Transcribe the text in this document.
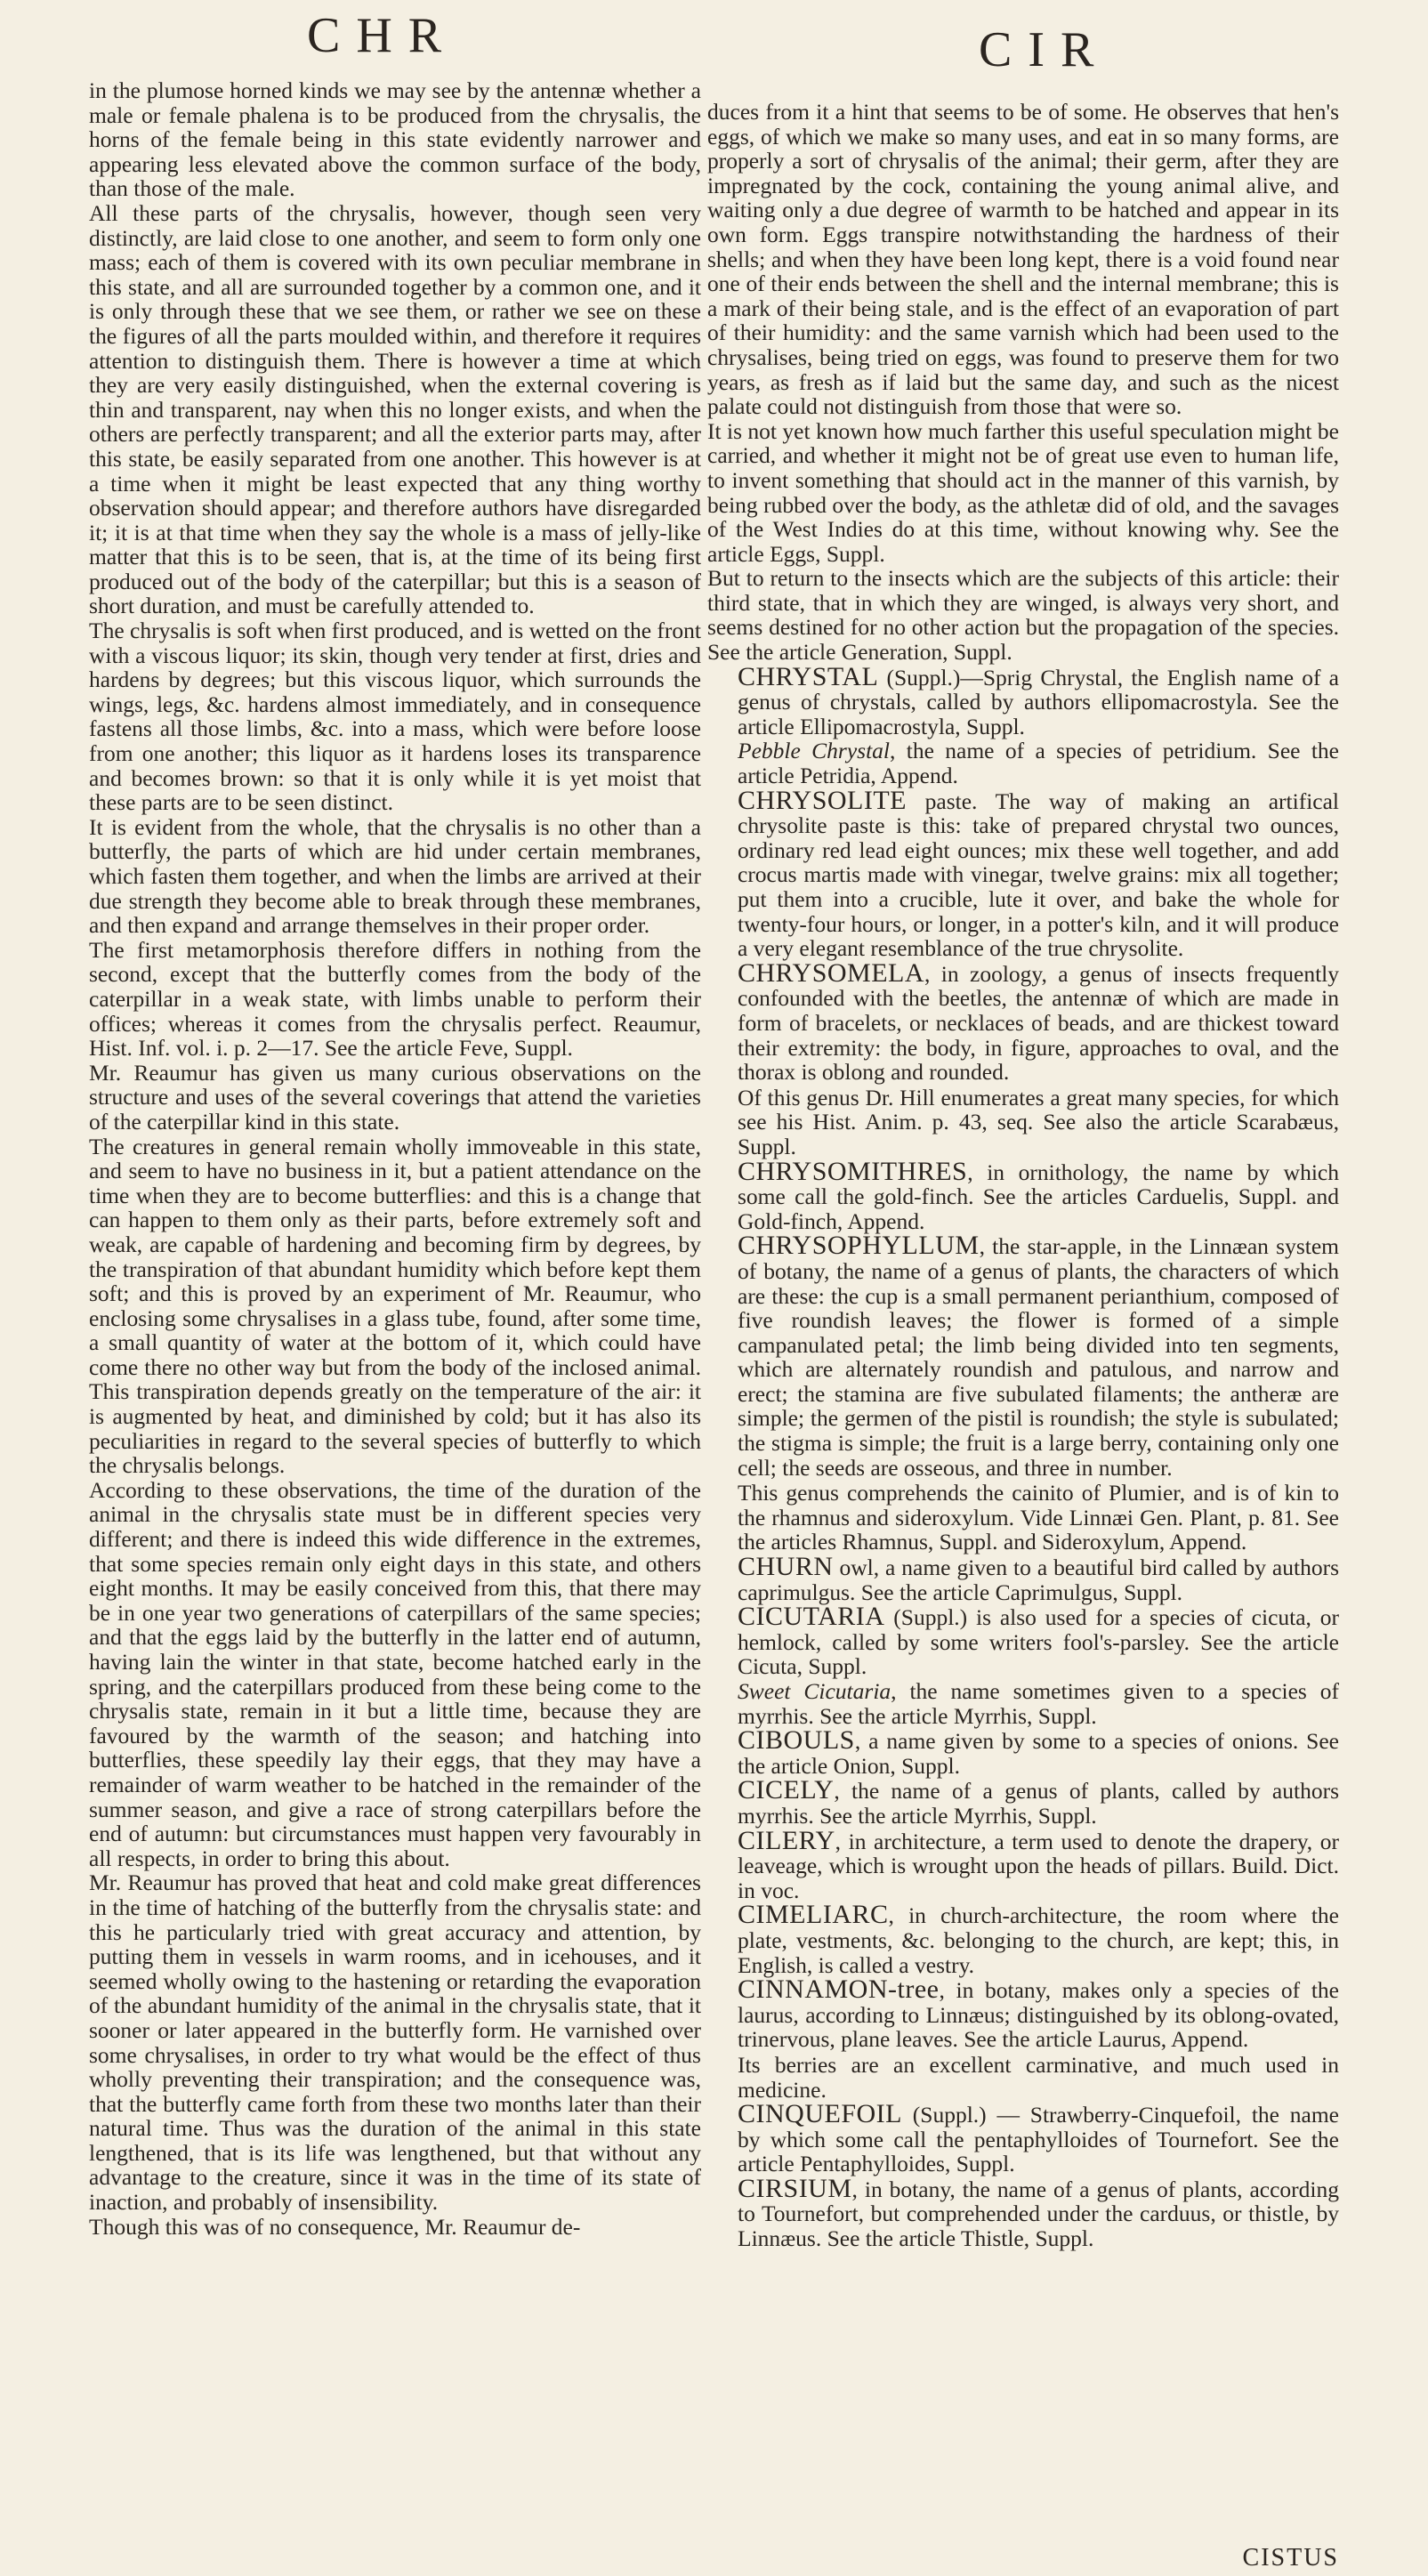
CHR	CIR

in the plumose horned kinds we may see by the antennæ whether a male or female phalena is to be produced from the chrysalis, the horns of the female being in this state evidently narrower and appearing less elevated above the common surface of the body, than those of the male.

All these parts of the chrysalis, however, though seen very distinctly, are laid close to one another, and seem to form only one mass; each of them is covered with its own peculiar membrane in this state, and all are surrounded together by a common one, and it is only through these that we see them, or rather we see on these the figures of all the parts moulded within, and therefore it requires attention to distinguish them. There is however a time at which they are very easily distinguished, when the external covering is thin and transparent, nay when this no longer exists, and when the others are perfectly transparent; and all the exterior parts may, after this state, be easily separated from one another. This however is at a time when it might be least expected that any thing worthy observation should appear; and therefore authors have disregarded it; it is at that time when they say the whole is a mass of jelly-like matter that this is to be seen, that is, at the time of its being first produced out of the body of the caterpillar; but this is a season of short duration, and must be carefully attended to.

The chrysalis is soft when first produced, and is wetted on the front with a viscous liquor; its skin, though very tender at first, dries and hardens by degrees; but this viscous liquor, which surrounds the wings, legs, &c. hardens almost immediately, and in consequence fastens all those limbs, &c. into a mass, which were before loose from one another; this liquor as it hardens loses its transparence and becomes brown: so that it is only while it is yet moist that these parts are to be seen distinct.

It is evident from the whole, that the chrysalis is no other than a butterfly, the parts of which are hid under certain membranes, which fasten them together, and when the limbs are arrived at their due strength they become able to break through these membranes, and then expand and arrange themselves in their proper order.

The first metamorphosis therefore differs in nothing from the second, except that the butterfly comes from the body of the caterpillar in a weak state, with limbs unable to perform their offices; whereas it comes from the chrysalis perfect. Reaumur, Hist. Inf. vol. i. p. 2—17. See the article Feve, Suppl.

Mr. Reaumur has given us many curious observations on the structure and uses of the several coverings that attend the varieties of the caterpillar kind in this state.

The creatures in general remain wholly immoveable in this state, and seem to have no business in it, but a patient attendance on the time when they are to become butterflies: and this is a change that can happen to them only as their parts, before extremely soft and weak, are capable of hardening and becoming firm by degrees, by the transpiration of that abundant humidity which before kept them soft; and this is proved by an experiment of Mr. Reaumur, who enclosing some chrysalises in a glass tube, found, after some time, a small quantity of water at the bottom of it, which could have come there no other way but from the body of the inclosed animal. This transpiration depends greatly on the temperature of the air: it is augmented by heat, and diminished by cold; but it has also its peculiarities in regard to the several species of butterfly to which the chrysalis belongs.

According to these observations, the time of the duration of the animal in the chrysalis state must be in different species very different; and there is indeed this wide difference in the extremes, that some species remain only eight days in this state, and others eight months. It may be easily conceived from this, that there may be in one year two generations of caterpillars of the same species; and that the eggs laid by the butterfly in the latter end of autumn, having lain the winter in that state, become hatched early in the spring, and the caterpillars produced from these being come to the chrysalis state, remain in it but a little time, because they are favoured by the warmth of the season; and hatching into butterflies, these speedily lay their eggs, that they may have a remainder of warm weather to be hatched in the remainder of the summer season, and give a race of strong caterpillars before the end of autumn: but circumstances must happen very favourably in all respects, in order to bring this about.

Mr. Reaumur has proved that heat and cold make great differences in the time of hatching of the butterfly from the chrysalis state: and this he particularly tried with great accuracy and attention, by putting them in vessels in warm rooms, and in icehouses, and it seemed wholly owing to the hastening or retarding the evaporation of the abundant humidity of the animal in the chrysalis state, that it sooner or later appeared in the butterfly form. He varnished over some chrysalises, in order to try what would be the effect of thus wholly preventing their transpiration; and the consequence was, that the butterfly came forth from these two months later than their natural time. Thus was the duration of the animal in this state lengthened, that is its life was lengthened, but that without any advantage to the creature, since it was in the time of its state of inaction, and probably of insensibility.

Though this was of no consequence, Mr. Reaumur de-

duces from it a hint that seems to be of some. He observes that hen's eggs, of which we make so many uses, and eat in so many forms, are properly a sort of chrysalis of the animal; their germ, after they are impregnated by the cock, containing the young animal alive, and waiting only a due degree of warmth to be hatched and appear in its own form. Eggs transpire notwithstanding the hardness of their shells; and when they have been long kept, there is a void found near one of their ends between the shell and the internal membrane; this is a mark of their being stale, and is the effect of an evaporation of part of their humidity: and the same varnish which had been used to the chrysalises, being tried on eggs, was found to preserve them for two years, as fresh as if laid but the same day, and such as the nicest palate could not distinguish from those that were so.

It is not yet known how much farther this useful speculation might be carried, and whether it might not be of great use even to human life, to invent something that should act in the manner of this varnish, by being rubbed over the body, as the athletæ did of old, and the savages of the West Indies do at this time, without knowing why. See the article Eggs, Suppl.

But to return to the insects which are the subjects of this article: their third state, that in which they are winged, is always very short, and seems destined for no other action but the propagation of the species. See the article Generation, Suppl.

CHRYSTAL (Suppl.)—Sprig Chrystal, the English name of a genus of chrystals, called by authors ellipomacrostyla. See the article Ellipomacrostyla, Suppl.

Pebble Chrystal, the name of a species of petridium. See the article Petridia, Append.

CHRYSOLITE paste. The way of making an artifical chrysolite paste is this: take of prepared chrystal two ounces, ordinary red lead eight ounces; mix these well together, and add crocus martis made with vinegar, twelve grains: mix all together; put them into a crucible, lute it over, and bake the whole for twenty-four hours, or longer, in a potter's kiln, and it will produce a very elegant resemblance of the true chrysolite.

CHRYSOMELA, in zoology, a genus of insects frequently confounded with the beetles, the antennæ of which are made in form of bracelets, or necklaces of beads, and are thickest toward their extremity: the body, in figure, approaches to oval, and the thorax is oblong and rounded.

Of this genus Dr. Hill enumerates a great many species, for which see his Hist. Anim. p. 43, seq. See also the article Scarabæus, Suppl.

CHRYSOMITHRES, in ornithology, the name by which some call the gold-finch. See the articles Carduelis, Suppl. and Gold-finch, Append.

CHRYSOPHYLLUM, the star-apple, in the Linnæan system of botany, the name of a genus of plants, the characters of which are these: the cup is a small permanent perianthium, composed of five roundish leaves; the flower is formed of a simple campanulated petal; the limb being divided into ten segments, which are alternately roundish and patulous, and narrow and erect; the stamina are five subulated filaments; the antheræ are simple; the germen of the pistil is roundish; the style is subulated; the stigma is simple; the fruit is a large berry, containing only one cell; the seeds are osseous, and three in number.

This genus comprehends the cainito of Plumier, and is of kin to the rhamnus and sideroxylum. Vide Linnæi Gen. Plant, p. 81. See the articles Rhamnus, Suppl. and Sideroxylum, Append.

CHURN owl, a name given to a beautiful bird called by authors caprimulgus. See the article Caprimulgus, Suppl.

CICUTARIA (Suppl.) is also used for a species of cicuta, or hemlock, called by some writers fool's-parsley. See the article Cicuta, Suppl.

Sweet Cicutaria, the name sometimes given to a species of myrrhis. See the article Myrrhis, Suppl.

CIBOULS, a name given by some to a species of onions. See the article Onion, Suppl.

CICELY, the name of a genus of plants, called by authors myrrhis. See the article Myrrhis, Suppl.

CILERY, in architecture, a term used to denote the drapery, or leaveage, which is wrought upon the heads of pillars. Build. Dict. in voc.

CIMELIARC, in church-architecture, the room where the plate, vestments, &c. belonging to the church, are kept; this, in English, is called a vestry.

CINNAMON-tree, in botany, makes only a species of the laurus, according to Linnæus; distinguished by its oblong-ovated, trinervous, plane leaves. See the article Laurus, Append.

Its berries are an excellent carminative, and much used in medicine.

CINQUEFOIL (Suppl.) — Strawberry-Cinquefoil, the name by which some call the pentaphylloides of Tournefort. See the article Pentaphylloides, Suppl.

CIRSIUM, in botany, the name of a genus of plants, according to Tournefort, but comprehended under the carduus, or thistle, by Linnæus. See the article Thistle, Suppl.

CISTUS
